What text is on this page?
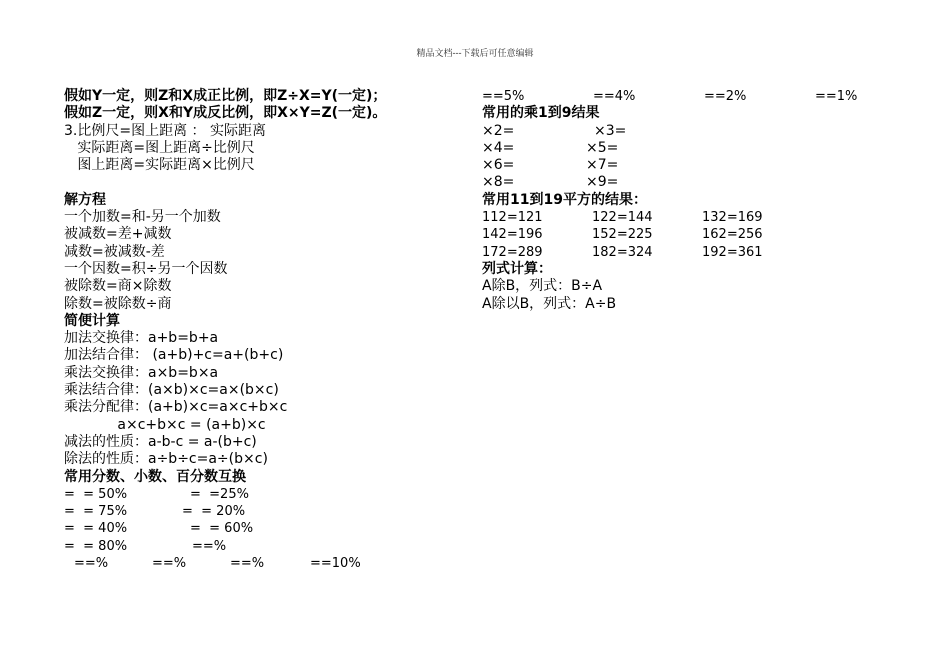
精品文档---下载后可任意编辑
假如Y一定，则Z和X成正比例，即Z÷X=Y(一定)；
假如Z一定，则X和Y成反比例，即X×Y=Z(一定)。
3.比例尺=图上距离 ： 实际距离
实际距离=图上距离÷比例尺
图上距离=实际距离×比例尺
解方程
一个加数=和-另一个加数
被减数=差+减数
减数=被减数-差
一个因数=积÷另一个因数
被除数=商×除数
除数=被除数÷商
简便计算
加法交换律：a+b=b+a
加法结合律： (a+b)+c=a+(b+c)
乘法交换律：a×b=b×a
乘法结合律：(a×b)×c=a×(b×c)
乘法分配律：(a+b)×c=a×c+b×c
a×c+b×c = (a+b)×c
减法的性质：a-b-c = a-(b+c)
除法的性质：a÷b÷c=a÷(b×c)
常用分数、小数、百分数互换
=  = 50%	=  =25%
=  = 75%	=  = 20%
=  = 40%	=  = 60%
=  = 80%	==%
==%	==%	==%	==10%
==5%	==4%	==2%	==1%
常用的乘1到9结果
×2=	×3=
×4=	×5=
×6=	×7=
×8=	×9=
常用11到19平方的结果：
112=121	122=144	132=169
142=196	152=225	162=256
172=289	182=324	192=361
列式计算：
A除B，列式：B÷A
A除以B，列式：A÷B
